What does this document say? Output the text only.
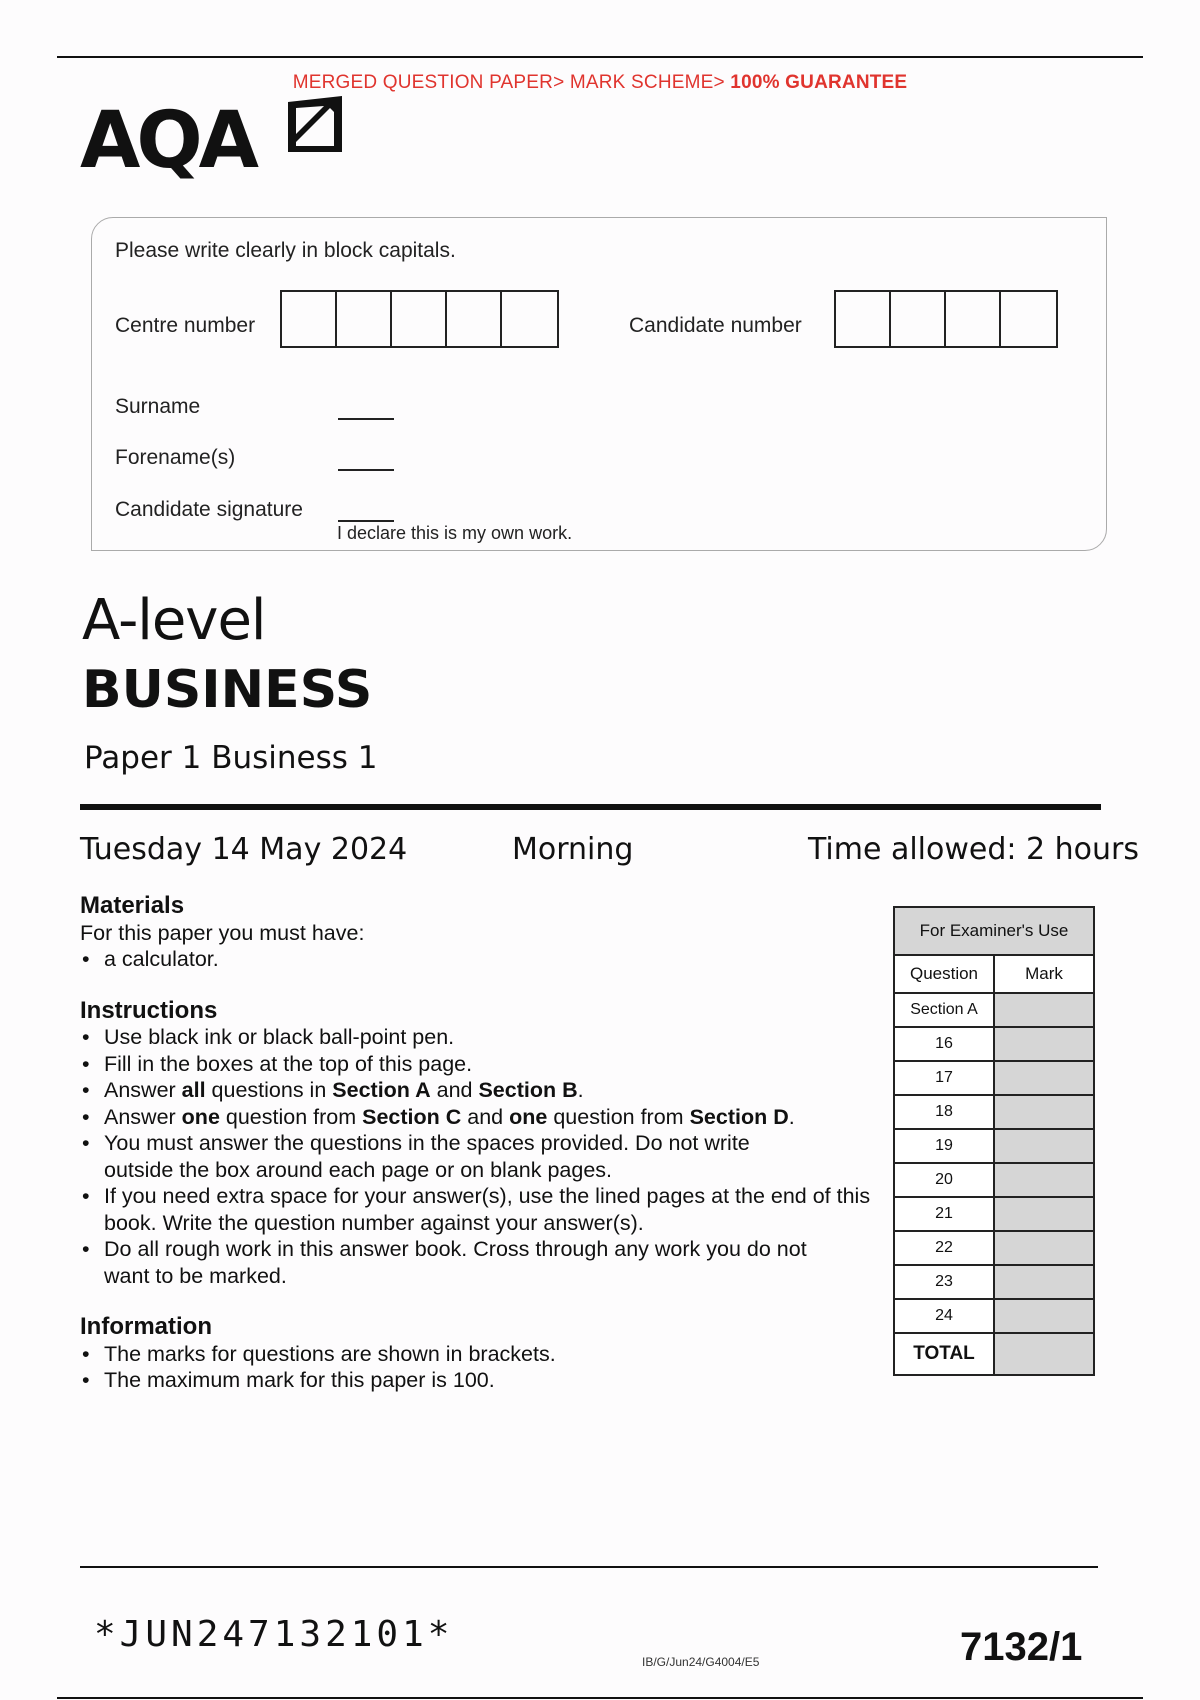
MERGED QUESTION PAPER> MARK SCHEME> 100% GUARANTEE
AQA
Please write clearly in block capitals.
Centre number	Candidate number
Surname
Forename(s)
Candidate signature
I declare this is my own work.
A-level
BUSINESS
Paper 1 Business 1
Tuesday 14 May 2024	Morning	Time allowed: 2 hours
Materials

For this paper you must have:

• a calculator.
Instructions
• Use black ink or black ball-point pen.
• Fill in the boxes at the top of this page.
• Answer all questions in Section A and Section B.
• Answer one question from Section C and one question from Section D.
• You must answer the questions in the spaces provided. Do not write outside the box around each page or on blank pages.
• If you need extra space for your answer(s), use the lined pages at the end of this book. Write the question number against your answer(s).
• Do all rough work in this answer book. Cross through any work you do not want to be marked.
Information
• The marks for questions are shown in brackets.
• The maximum mark for this paper is 100.
For Examiner's Use	
Question	Mark
Section A	
16	
17	
18	
19	
20	
21	
22	
23	
24	
TOTAL	
*JUN247132101*
IB/G/Jun24/G4004/E5	7132/1
